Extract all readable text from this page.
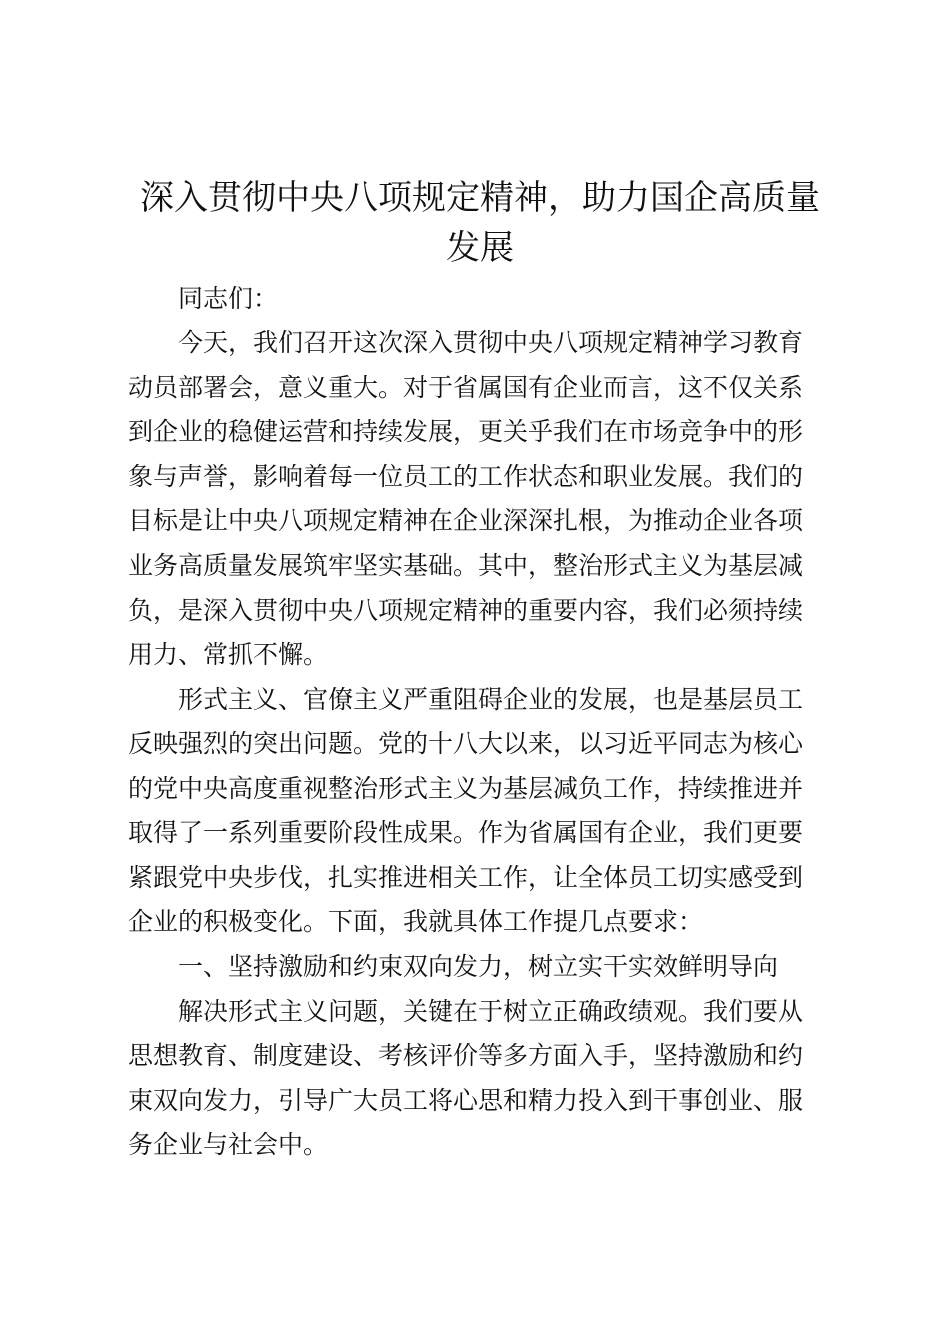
深入贯彻中央八项规定精神，助力国企高质量
发展

同志们：

今天，我们召开这次深入贯彻中央八项规定精神学习教育

动员部署会，意义重大。对于省属国有企业而言，这不仅关系

到企业的稳健运营和持续发展，更关乎我们在市场竞争中的形

象与声誉，影响着每一位员工的工作状态和职业发展。我们的

目标是让中央八项规定精神在企业深深扎根，为推动企业各项

业务高质量发展筑牢坚实基础。其中，整治形式主义为基层减

负，是深入贯彻中央八项规定精神的重要内容，我们必须持续

用力、常抓不懈。

形式主义、官僚主义严重阻碍企业的发展，也是基层员工

反映强烈的突出问题。党的十八大以来，以习近平同志为核心

的党中央高度重视整治形式主义为基层减负工作，持续推进并

取得了一系列重要阶段性成果。作为省属国有企业，我们更要

紧跟党中央步伐，扎实推进相关工作，让全体员工切实感受到

企业的积极变化。下面，我就具体工作提几点要求：

一、坚持激励和约束双向发力，树立实干实效鲜明导向

解决形式主义问题，关键在于树立正确政绩观。我们要从

思想教育、制度建设、考核评价等多方面入手，坚持激励和约

束双向发力，引导广大员工将心思和精力投入到干事创业、服

务企业与社会中。
